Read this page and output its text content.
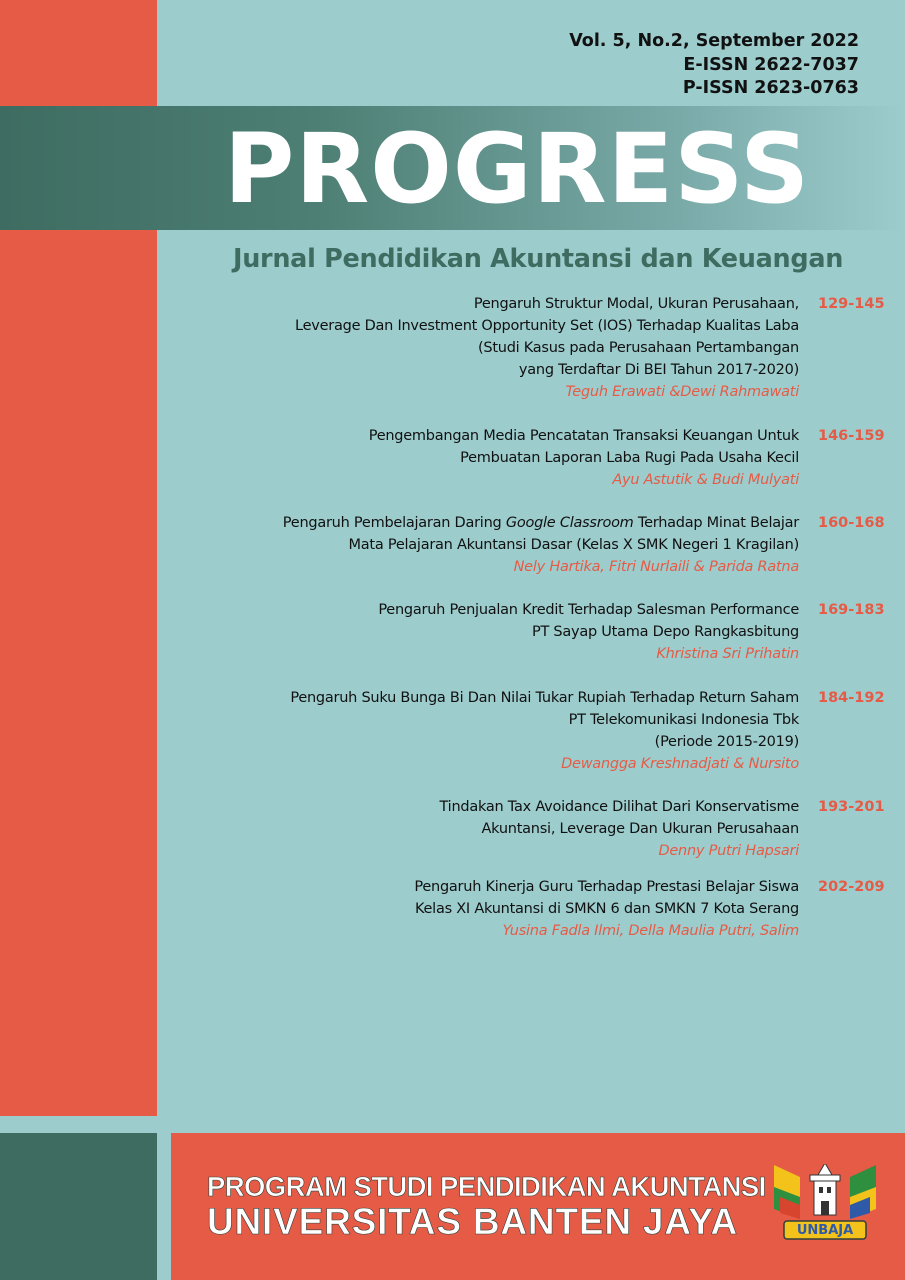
Vol. 5, No.2, September 2022
E-ISSN 2622-7037
P-ISSN 2623-0763
PROGRESS
Jurnal Pendidikan Akuntansi dan Keuangan
Pengaruh Struktur Modal, Ukuran Perusahaan,
Leverage Dan Investment Opportunity Set (IOS) Terhadap Kualitas Laba
(Studi Kasus pada Perusahaan Pertambangan
yang Terdaftar Di BEI Tahun 2017-2020)
Teguh Erawati &Dewi Rahmawati
129-145
Pengembangan Media Pencatatan Transaksi Keuangan Untuk
Pembuatan Laporan Laba Rugi Pada Usaha Kecil
Ayu Astutik & Budi Mulyati
146-159
Pengaruh Pembelajaran Daring Google Classroom Terhadap Minat Belajar
Mata Pelajaran Akuntansi Dasar (Kelas X SMK Negeri 1 Kragilan)
Nely Hartika, Fitri Nurlaili & Parida Ratna
160-168
Pengaruh Penjualan Kredit Terhadap Salesman Performance
PT Sayap Utama Depo Rangkasbitung
Khristina Sri Prihatin
169-183
Pengaruh Suku Bunga Bi Dan Nilai Tukar Rupiah Terhadap Return Saham
PT Telekomunikasi Indonesia Tbk
(Periode 2015-2019)
Dewangga Kreshnadjati & Nursito
184-192
Tindakan Tax Avoidance Dilihat Dari Konservatisme
Akuntansi, Leverage Dan Ukuran Perusahaan
Denny Putri Hapsari
193-201
Pengaruh Kinerja Guru Terhadap Prestasi Belajar Siswa
Kelas XI Akuntansi di SMKN 6 dan SMKN 7 Kota Serang
Yusina Fadla Ilmi, Della Maulia Putri, Salim
202-209
PROGRAM STUDI PENDIDIKAN AKUNTANSI
UNIVERSITAS BANTEN JAYA	UNBAJA
